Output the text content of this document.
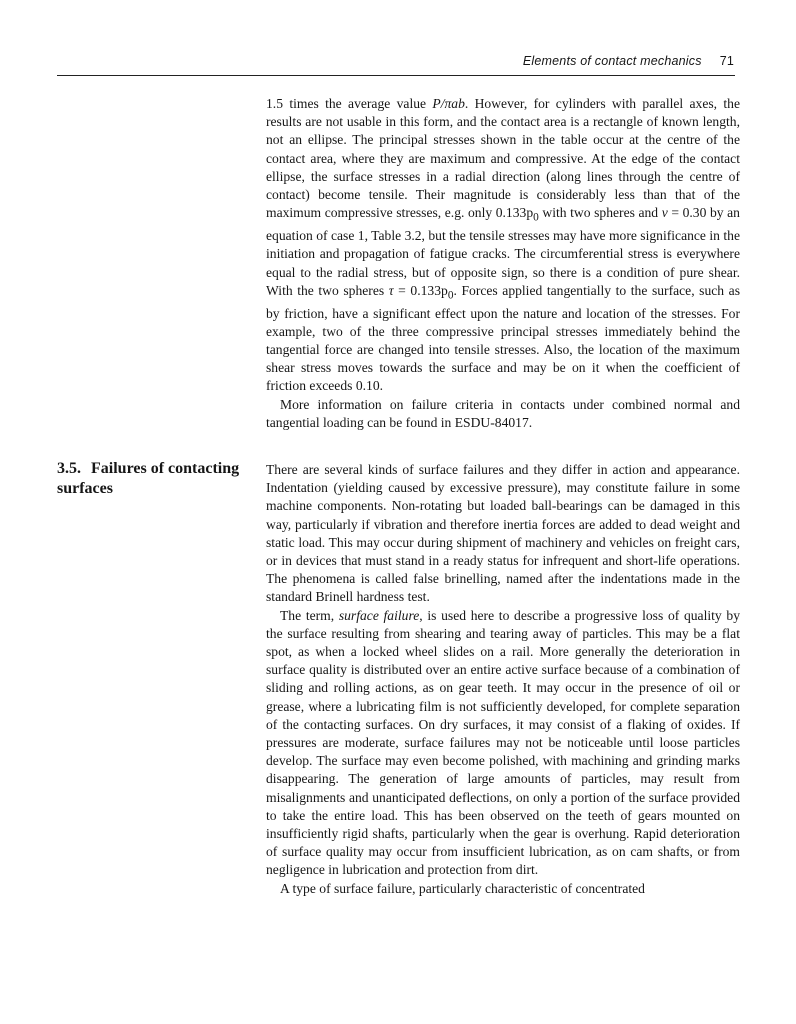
Elements of contact mechanics 71

1.5 times the average value P/πab. However, for cylinders with parallel axes, the results are not usable in this form, and the contact area is a rectangle of known length, not an ellipse. The principal stresses shown in the table occur at the centre of the contact area, where they are maximum and compressive. At the edge of the contact ellipse, the surface stresses in a radial direction (along lines through the centre of contact) become tensile. Their magnitude is considerably less than that of the maximum compressive stresses, e.g. only $0.133p_0$ with two spheres and ν = 0.30 by an equation of case 1, Table 3.2, but the tensile stresses may have more significance in the initiation and propagation of fatigue cracks. The circumferential stress is everywhere equal to the radial stress, but of opposite sign, so there is a condition of pure shear. With the two spheres $\tau = 0.133p_0$. Forces applied tangentially to the surface, such as by friction, have a significant effect upon the nature and location of the stresses. For example, two of the three compressive principal stresses immediately behind the tangential force are changed into tensile stresses. Also, the location of the maximum shear stress moves towards the surface and may be on it when the coefficient of friction exceeds 0.10.

More information on failure criteria in contacts under combined normal and tangential loading can be found in ESDU-84017.

3.5. Failures of contacting surfaces

There are several kinds of surface failures and they differ in action and appearance. Indentation (yielding caused by excessive pressure), may constitute failure in some machine components. Non-rotating but loaded ball-bearings can be damaged in this way, particularly if vibration and therefore inertia forces are added to dead weight and static load. This may occur during shipment of machinery and vehicles on freight cars, or in devices that must stand in a ready status for infrequent and short-life operations. The phenomena is called false brinelling, named after the indentations made in the standard Brinell hardness test.

The term, surface failure, is used here to describe a progressive loss of quality by the surface resulting from shearing and tearing away of particles. This may be a flat spot, as when a locked wheel slides on a rail. More generally the deterioration in surface quality is distributed over an entire active surface because of a combination of sliding and rolling actions, as on gear teeth. It may occur in the presence of oil or grease, where a lubricating film is not sufficiently developed, for complete separation of the contacting surfaces. On dry surfaces, it may consist of a flaking of oxides. If pressures are moderate, surface failures may not be noticeable until loose particles develop. The surface may even become polished, with machining and grinding marks disappearing. The generation of large amounts of particles, may result from misalignments and unanticipated deflections, on only a portion of the surface provided to take the entire load. This has been observed on the teeth of gears mounted on insufficiently rigid shafts, particularly when the gear is overhung. Rapid deterioration of surface quality may occur from insufficient lubrication, as on cam shafts, or from negligence in lubrication and protection from dirt.

A type of surface failure, particularly characteristic of concentrated
